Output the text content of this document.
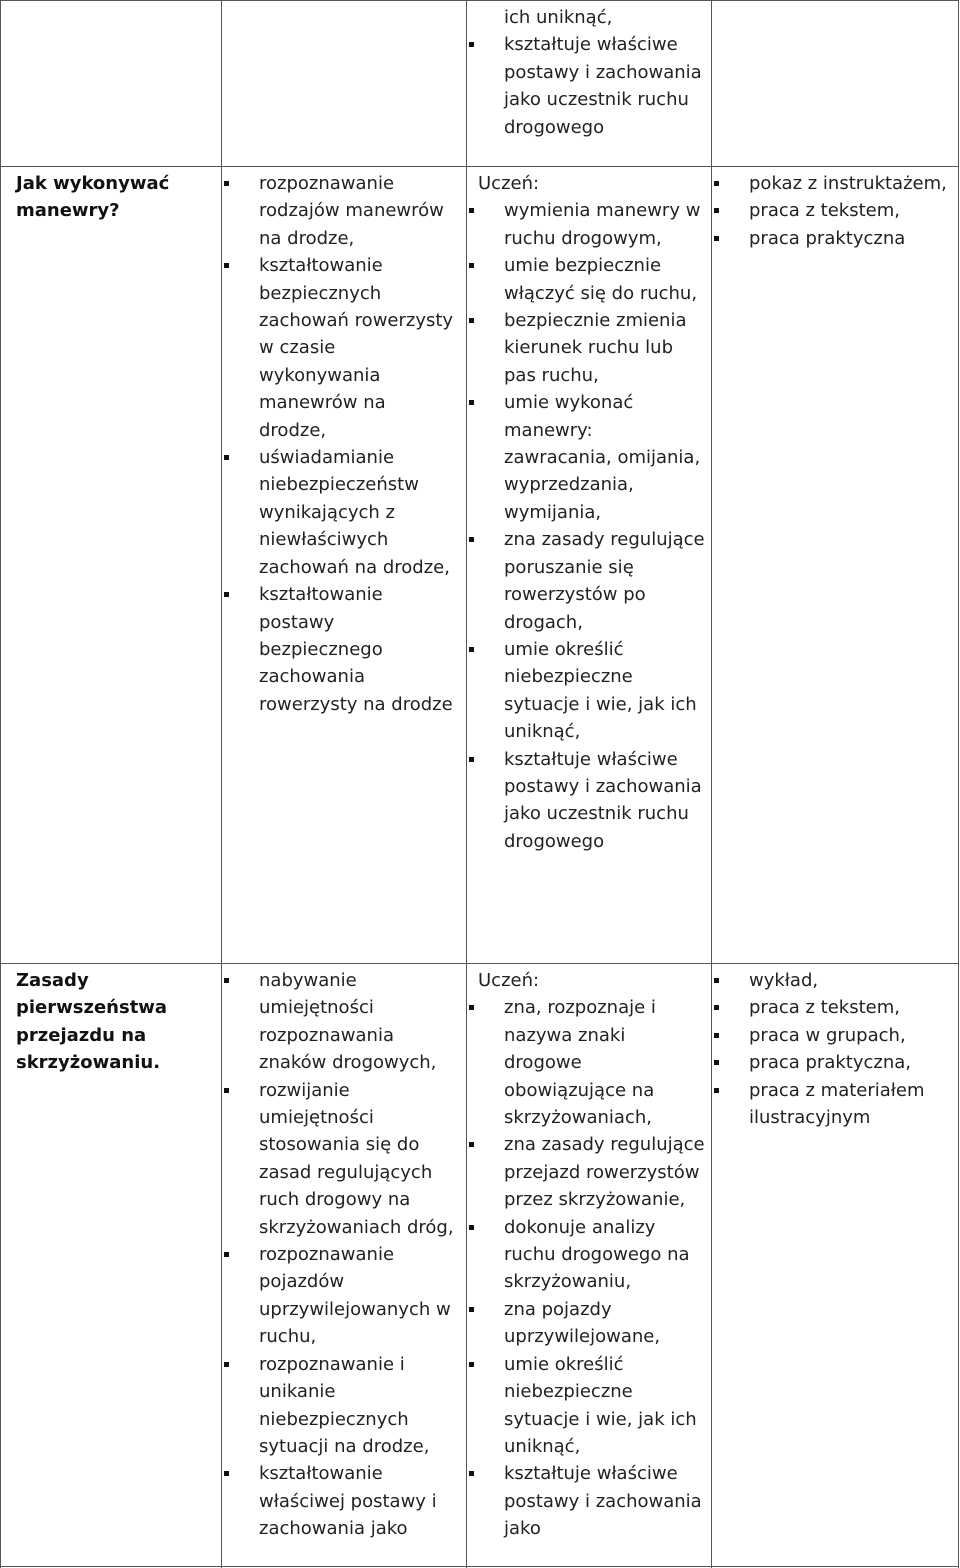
ich uniknąć,
kształtuje właściwe postawy i zachowania jako uczestnik ruchu drogowego
Jak wykonywać manewry?
rozpoznawanie rodzajów manewrów na drodze,
kształtowanie bezpiecznych zachowań rowerzysty w czasie wykonywania manewrów na drodze,
uświadamianie niebezpieczeństw wynikających z niewłaściwych zachowań na drodze,
kształtowanie postawy bezpiecznego zachowania rowerzysty na drodze
Uczeń:
wymienia manewry w ruchu drogowym,
umie bezpiecznie włączyć się do ruchu,
bezpiecznie zmienia kierunek ruchu lub pas ruchu,
umie wykonać manewry: zawracania, omijania, wyprzedzania, wymijania,
zna zasady regulujące poruszanie się rowerzystów po drogach,
umie określić niebezpieczne sytuacje i wie, jak ich uniknąć,
kształtuje właściwe postawy i zachowania jako uczestnik ruchu drogowego
pokaz z instruktażem,
praca z tekstem,
praca praktyczna
Zasady pierwszeństwa przejazdu na skrzyżowaniu.
nabywanie umiejętności rozpoznawania znaków drogowych,
rozwijanie umiejętności stosowania się do zasad regulujących ruch drogowy na skrzyżowaniach dróg,
rozpoznawanie pojazdów uprzywilejowanych w ruchu,
rozpoznawanie i unikanie niebezpiecznych sytuacji na drodze,
kształtowanie właściwej postawy i zachowania jako
Uczeń:
zna, rozpoznaje i nazywa znaki drogowe obowiązujące na skrzyżowaniach,
zna zasady regulujące przejazd rowerzystów przez skrzyżowanie,
dokonuje analizy ruchu drogowego na skrzyżowaniu,
zna pojazdy uprzywilejowane,
umie określić niebezpieczne sytuacje i wie, jak ich uniknąć,
kształtuje właściwe postawy i zachowania jako
wykład,
praca z tekstem,
praca w grupach,
praca praktyczna,
praca z materiałem ilustracyjnym
